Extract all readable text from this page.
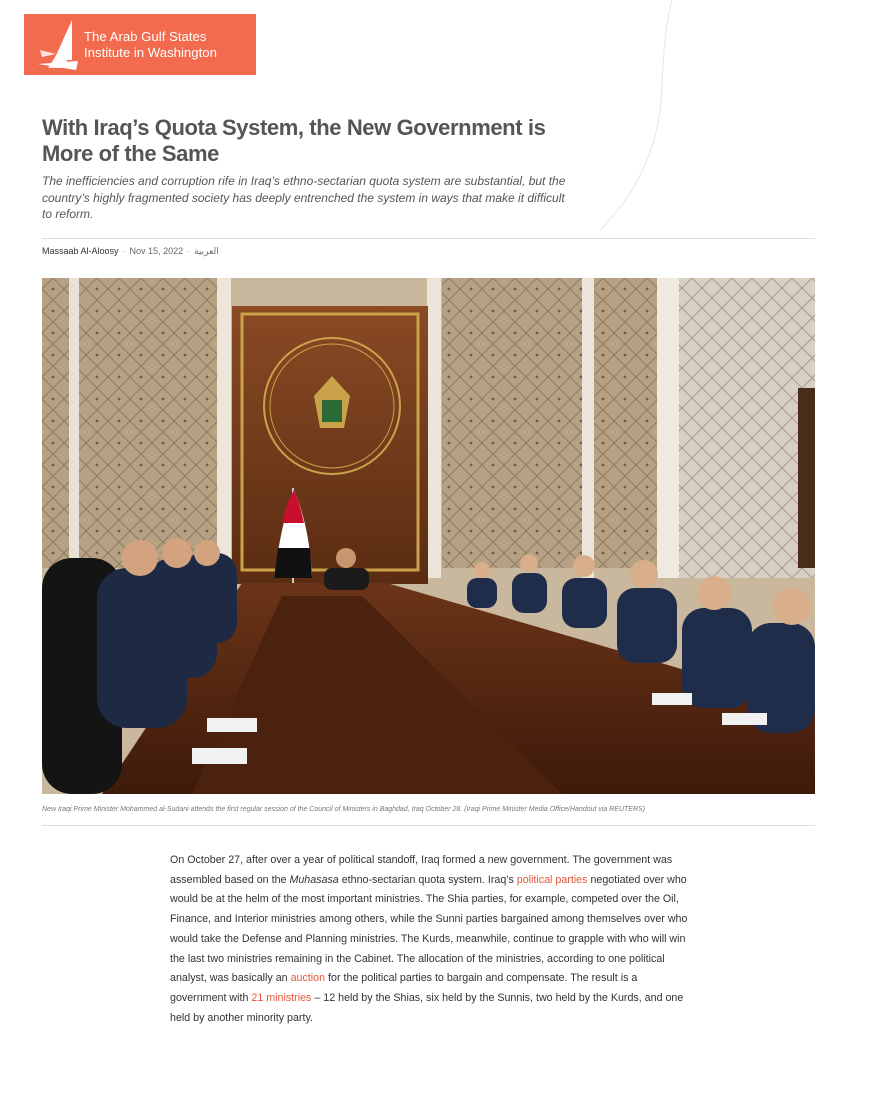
The Arab Gulf States
Institute in Washington
With Iraq’s Quota System, the New Government is
More of the Same

The inefficiencies and corruption rife in Iraq’s ethno-sectarian quota system are substantial, but the country’s highly fragmented society has deeply entrenched the system in ways that make it difficult to reform.

Massaab Al-Aloosy · Nov 15, 2022 · العربية

New Iraqi Prime Minister Mohammed al-Sudani attends the first regular session of the Council of Ministers in Baghdad, Iraq October 28. (Iraqi Prime Minister Media Office/Handout via REUTERS)

On October 27, after over a year of political standoff, Iraq formed a new government. The government was assembled based on the Muhasasa ethno-sectarian quota system. Iraq’s political parties negotiated over who would be at the helm of the most important ministries. The Shia parties, for example, competed over the Oil, Finance, and Interior ministries among others, while the Sunni parties bargained among themselves over who would take the Defense and Planning ministries. The Kurds, meanwhile, continue to grapple with who will win the last two ministries remaining in the Cabinet. The allocation of the ministries, according to one political analyst, was basically an auction for the political parties to bargain and compensate. The result is a government with 21 ministries – 12 held by the Shias, six held by the Sunnis, two held by the Kurds, and one held by another minority party.
